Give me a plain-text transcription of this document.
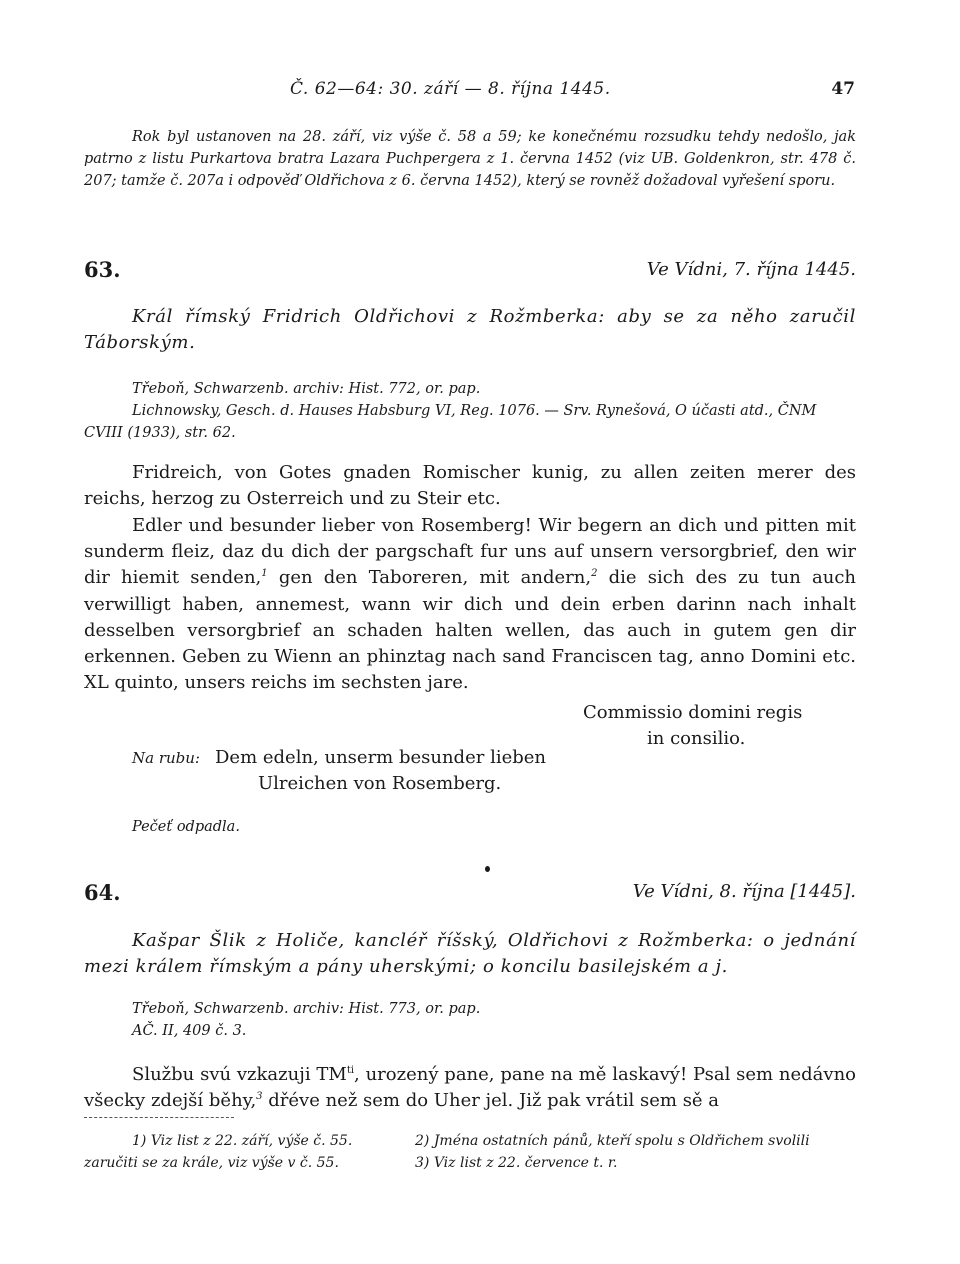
Č. 62—64: 30. září — 8. října 1445.	47
Rok byl ustanoven na 28. září, viz výše č. 58 a 59; ke konečnému rozsudku tehdy nedošlo, jak patrno z listu Purkartova bratra Lazara Puchpergera z 1. června 1452 (viz UB. Goldenkron, str. 478 č. 207; tamže č. 207a i odpověď Oldřichova z 6. června 1452), který se rovněž dožadoval vyřešení sporu.
63.	Ve Vídni, 7. října 1445.
Král římský Fridrich Oldřichovi z Rožmberka: aby se za něho zaručil Táborským.
Třeboň, Schwarzenb. archiv: Hist. 772, or. pap.
Lichnowsky, Gesch. d. Hauses Habsburg VI, Reg. 1076. — Srv. Rynešová, O účasti atd., ČNM CVIII (1933), str. 62.
Fridreich, von Gotes gnaden Romischer kunig, zu allen zeiten merer des reichs, herzog zu Osterreich und zu Steir etc.
Edler und besunder lieber von Rosemberg! Wir begern an dich und pitten mit sunderm fleiz, daz du dich der pargschaft fur uns auf unsern versorgbrief, den wir dir hiemit senden,$^1$ gen den Taboreren, mit andern,$^2$ die sich des zu tun auch verwilligt haben, annemest, wann wir dich und dein erben darinn nach inhalt desselben versorgbrief an schaden halten wellen, das auch in gutem gen dir erkennen. Geben zu Wienn an phinztag nach sand Franciscen tag, anno Domini etc. XL quinto, unsers reichs im sechsten jare.
Commissio domini regis
in consilio.
Na rubu: Dem edeln, unserm besunder lieben
Ulreichen von Rosemberg.
Pečeť odpadla.
64.	Ve Vídni, 8. října [1445].
Kašpar Šlik z Holiče, kancléř říšský, Oldřichovi z Rožmberka: o jednání mezi králem římským a pány uherskými; o koncilu basilejském a j.
Třeboň, Schwarzenb. archiv: Hist. 773, or. pap.
AČ. II, 409 č. 3.
Službu svú vzkazuji $TM^{ti}$, urozený pane, pane na mě laskavý! Psal sem nedávno všecky zdejší běhy,$^3$ dřéve než sem do Uher jel. Již pak vrátil sem sě a
1) Viz list z 22. září, výše č. 55. zaručiti se za krále, viz výše v č. 55.
2) Jména ostatních pánů, kteří spolu s Oldřichem svolili
3) Viz list z 22. července t. r.
